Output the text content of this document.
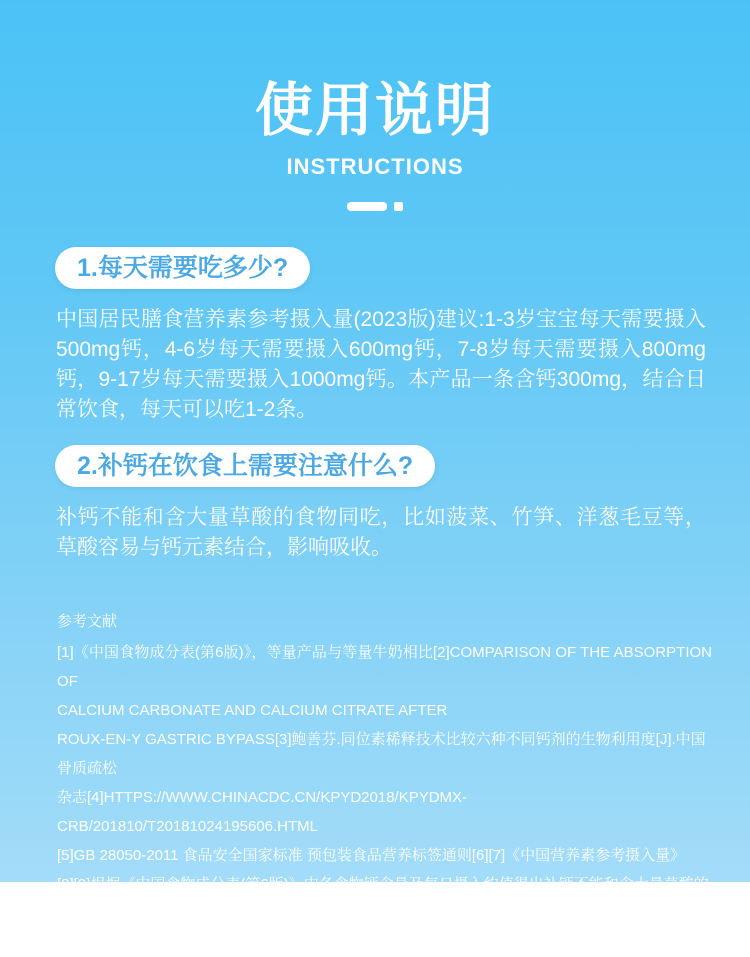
使用说明
INSTRUCTIONS
1.每天需要吃多少?

中国居民膳食营养素参考摄入量(2023版)建议:1-3岁宝宝每天需要摄入500mg钙，4-6岁每天需要摄入600mg钙，7-8岁每天需要摄入800mg钙，9-17岁每天需要摄入1000mg钙。本产品一条含钙300mg，结合日常饮食，每天可以吃1-2条。

2.补钙在饮食上需要注意什么?

补钙不能和含大量草酸的食物同吃，比如菠菜、竹笋、洋葱毛豆等，草酸容易与钙元素结合，影响吸收。

参考文献
[1]《中国食物成分表(第6版)》，等量产品与等量牛奶相比[2]COMPARISON OF THE ABSORPTION OF
CALCIUM CARBONATE AND CALCIUM CITRATE AFTER
ROUX-EN-Y GASTRIC BYPASS[3]鲍善芬.同位素稀释技术比较六种不同钙剂的生物利用度[J].中国骨质疏松
杂志[4]HTTPS://WWW.CHINACDC.CN/KPYD2018/KPYDMX-CRB/201810/T20181024195606.HTML
[5]GB 28050-2011 食品安全国家标准 预包装食品营养标签通则[6][7]《中国营养素参考摄入量》
[8][9]根据《中国食物成分表(第6版)》中各食物钙含量及每日摄入约值得出补钙不能和含大量草酸的食物
同吃，比如菠菜、竹笋、洋葱毛豆等，草酸容易与钙元素结合，影响吸收。
